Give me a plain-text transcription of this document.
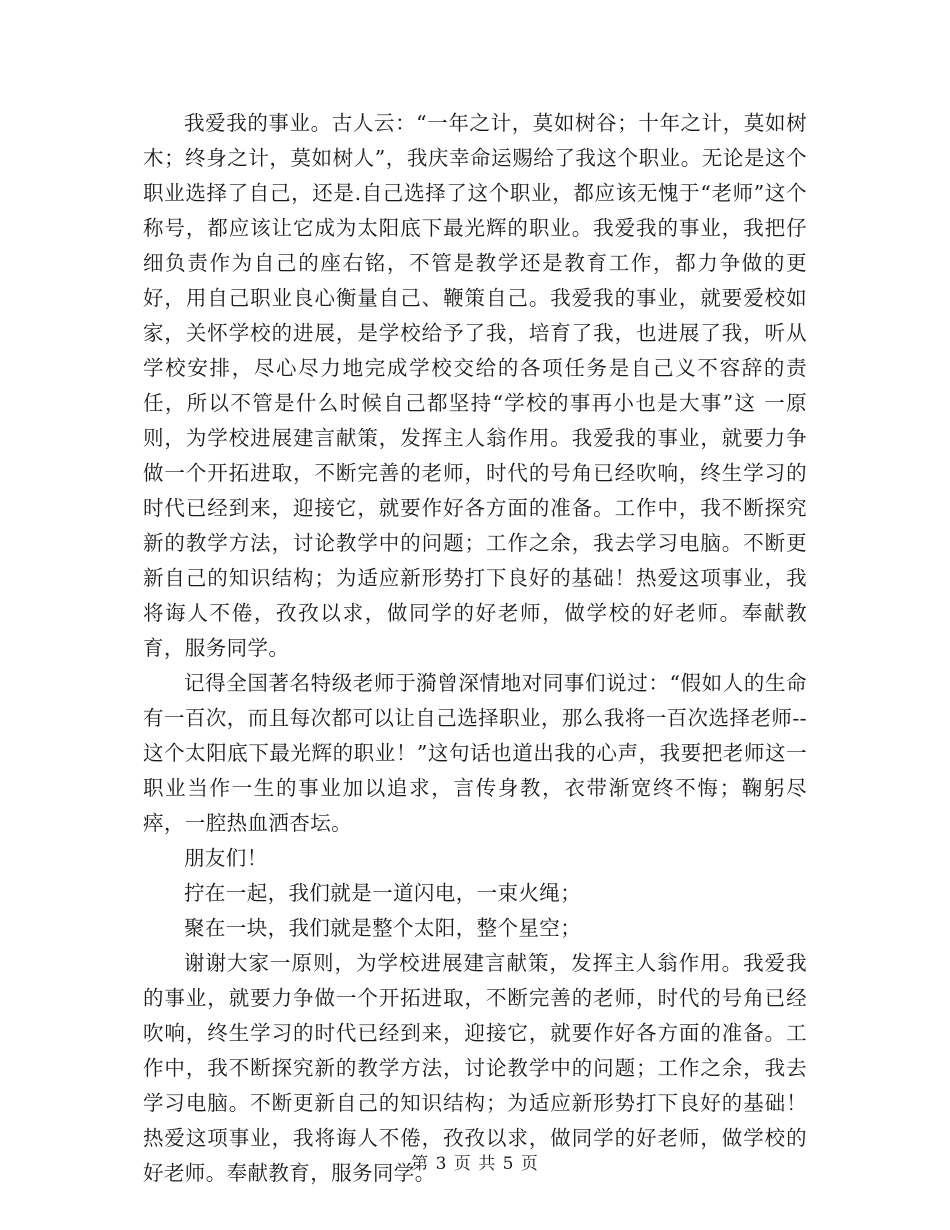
我爱我的事业。古人云：“一年之计，莫如树谷；十年之计，莫如树木；终身之计，莫如树人”，我庆幸命运赐给了我这个职业。无论是这个职业选择了自己，还是.自己选择了这个职业，都应该无愧于“老师”这个称号，都应该让它成为太阳底下最光辉的职业。我爱我的事业，我把仔细负责作为自己的座右铭，不管是教学还是教育工作，都力争做的更好，用自己职业良心衡量自己、鞭策自己。我爱我的事业，就要爱校如家，关怀学校的进展，是学校给予了我，培育了我，也进展了我，听从学校安排，尽心尽力地完成学校交给的各项任务是自己义不容辞的责任，所以不管是什么时候自己都坚持“学校的事再小也是大事”这 一原则，为学校进展建言献策，发挥主人翁作用。我爱我的事业，就要力争做一个开拓进取，不断完善的老师，时代的号角已经吹响，终生学习的时代已经到来，迎接它，就要作好各方面的准备。工作中，我不断探究新的教学方法，讨论教学中的问题；工作之余，我去学习电脑。不断更新自己的知识结构；为适应新形势打下良好的基础！热爱这项事业，我将诲人不倦，孜孜以求，做同学的好老师，做学校的好老师。奉献教育，服务同学。

记得全国著名特级老师于漪曾深情地对同事们说过：“假如人的生命有一百次，而且每次都可以让自己选择职业，那么我将一百次选择老师--这个太阳底下最光辉的职业！”这句话也道出我的心声，我要把老师这一职业当作一生的事业加以追求，言传身教，衣带渐宽终不悔；鞠躬尽瘁，一腔热血洒杏坛。

朋友们！

拧在一起，我们就是一道闪电，一束火绳；

聚在一块，我们就是整个太阳，整个星空；

谢谢大家一原则，为学校进展建言献策，发挥主人翁作用。我爱我的事业，就要力争做一个开拓进取，不断完善的老师，时代的号角已经吹响，终生学习的时代已经到来，迎接它，就要作好各方面的准备。工作中，我不断探究新的教学方法，讨论教学中的问题；工作之余，我去学习电脑。不断更新自己的知识结构；为适应新形势打下良好的基础！热爱这项事业，我将诲人不倦，孜孜以求，做同学的好老师，做学校的好老师。奉献教育，服务同学。

第 3 页 共 5 页
